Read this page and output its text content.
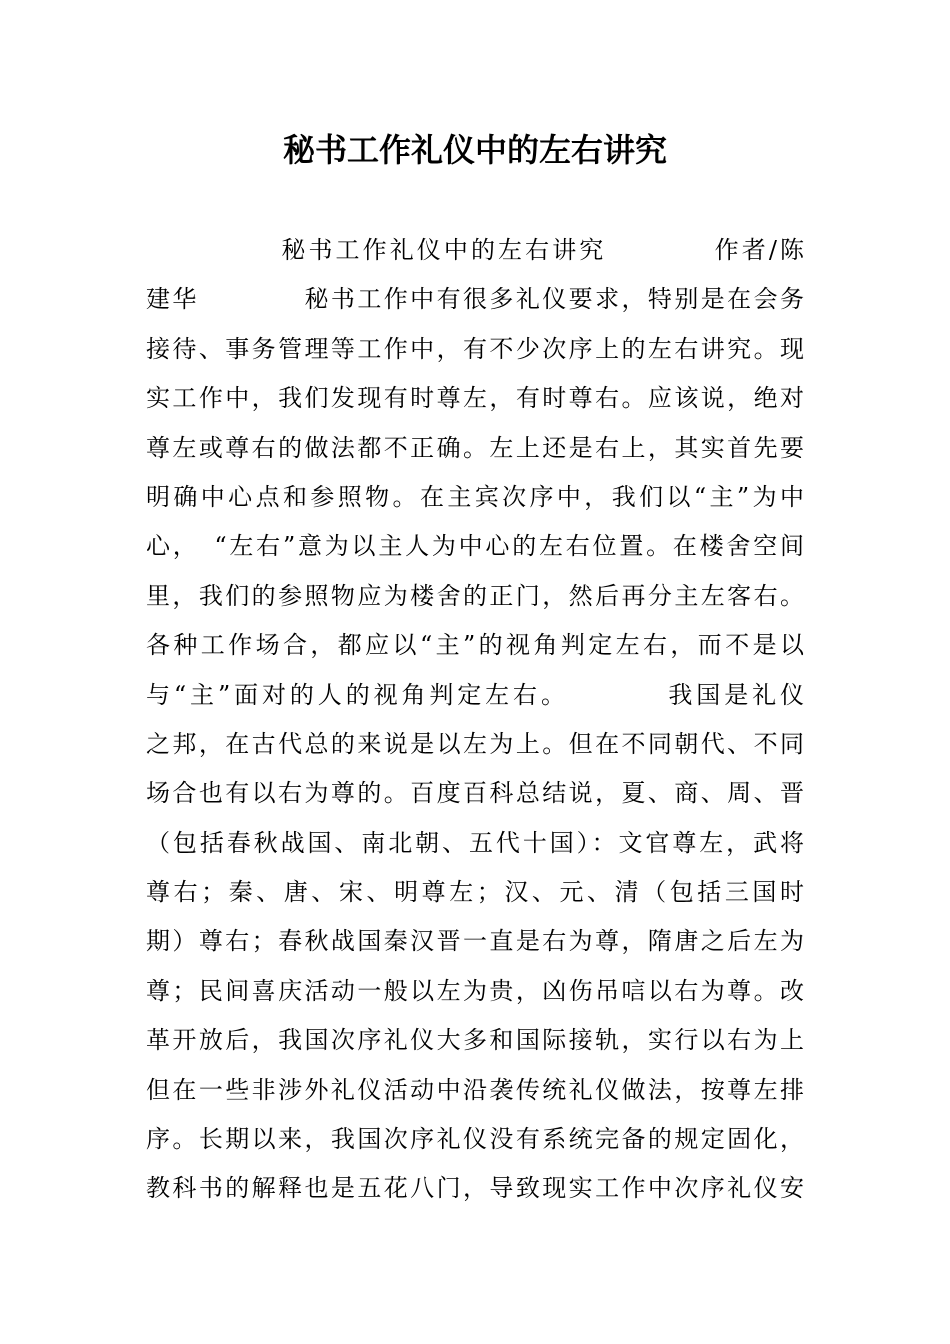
秘书工作礼仪中的左右讲究
　　　　　秘书工作礼仪中的左右讲究　　　　作者/陈
建华　　　　秘书工作中有很多礼仪要求，特别是在会务
接待、事务管理等工作中，有不少次序上的左右讲究。现
实工作中，我们发现有时尊左，有时尊右。应该说，绝对
尊左或尊右的做法都不正确。左上还是右上，其实首先要
明确中心点和参照物。在主宾次序中，我们以“主”为中
心，　“左右”意为以主人为中心的左右位置。在楼舍空间
里，我们的参照物应为楼舍的正门，然后再分主左客右。
各种工作场合，都应以“主”的视角判定左右，而不是以
与“主”面对的人的视角判定左右。　　　　我国是礼仪
之邦，在古代总的来说是以左为上。但在不同朝代、不同
场合也有以右为尊的。百度百科总结说，夏、商、周、晋
（包括春秋战国、南北朝、五代十国）：文官尊左，武将
尊右；秦、唐、宋、明尊左；汉、元、清（包括三国时
期）尊右；春秋战国秦汉晋一直是右为尊，隋唐之后左为
尊；民间喜庆活动一般以左为贵，凶伤吊唁以右为尊。改
革开放后，我国次序礼仪大多和国际接轨，实行以右为上
但在一些非涉外礼仪活动中沿袭传统礼仪做法，按尊左排
序。长期以来，我国次序礼仪没有系统完备的规定固化，
教科书的解释也是五花八门，导致现实工作中次序礼仪安
